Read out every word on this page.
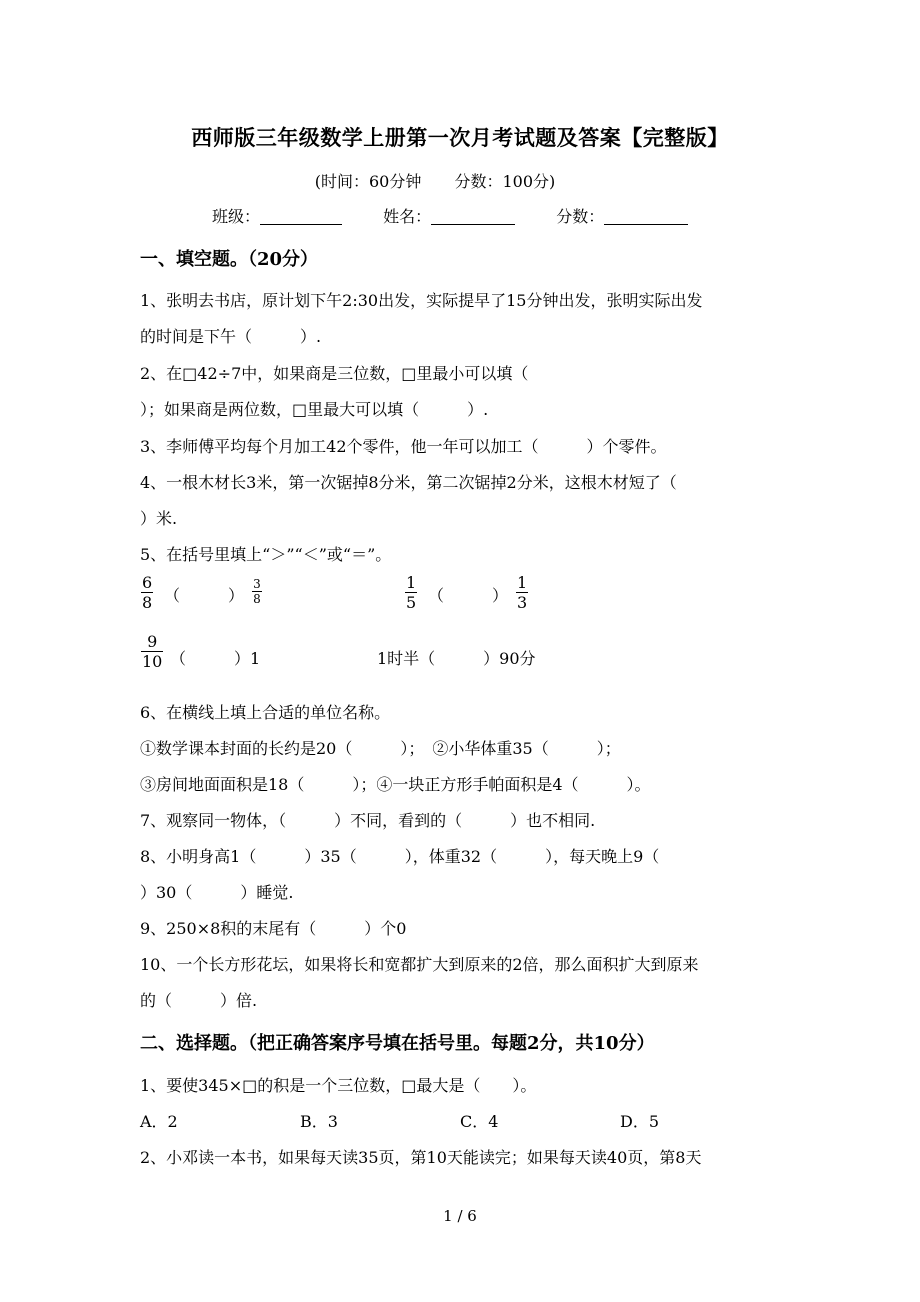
西师版三年级数学上册第一次月考试题及答案【完整版】
(时间：60分钟 分数：100分)
班级：	姓名：	分数：
一、填空题。（20分）
1、张明去书店，原计划下午2:30出发，实际提早了15分钟出发，张明实际出发
的时间是下午（　　　）.
2、在□42÷7中，如果商是三位数，□里最小可以填（
）；如果商是两位数，□里最大可以填（　　　）.
3、李师傅平均每个月加工42个零件，他一年可以加工（　　　）个零件。
4、一根木材长3米，第一次锯掉8分米，第二次锯掉2分米，这根木材短了（
）米.
5、在括号里填上“＞”“＜”或“＝”。
6
8 （　　　）
3
8
1
5 （　　　）
1
3
9
10 （　　　）1	1时半（　　　）90分
6、在横线上填上合适的单位名称。
①数学课本封面的长约是20（　　　）；　②小华体重35（　　　）；
③房间地面面积是18（　　　）；④一块正方形手帕面积是4（　　　）。
7、观察同一物体，（　　　）不同，看到的（　　　）也不相同.
8、小明身高1（　　　）35（　　　），体重32（　　　），每天晚上9（
）30（　　　）睡觉.
9、250×8积的末尾有（　　　）个0
10、一个长方形花坛，如果将长和宽都扩大到原来的2倍，那么面积扩大到原来
的（　　　）倍.
二、选择题。（把正确答案序号填在括号里。每题2分，共10分）
1、要使345×□的积是一个三位数，□最大是（　　）。
A．2	B．3	C．4	D．5
2、小邓读一本书，如果每天读35页，第10天能读完；如果每天读40页，第8天
1 / 6
